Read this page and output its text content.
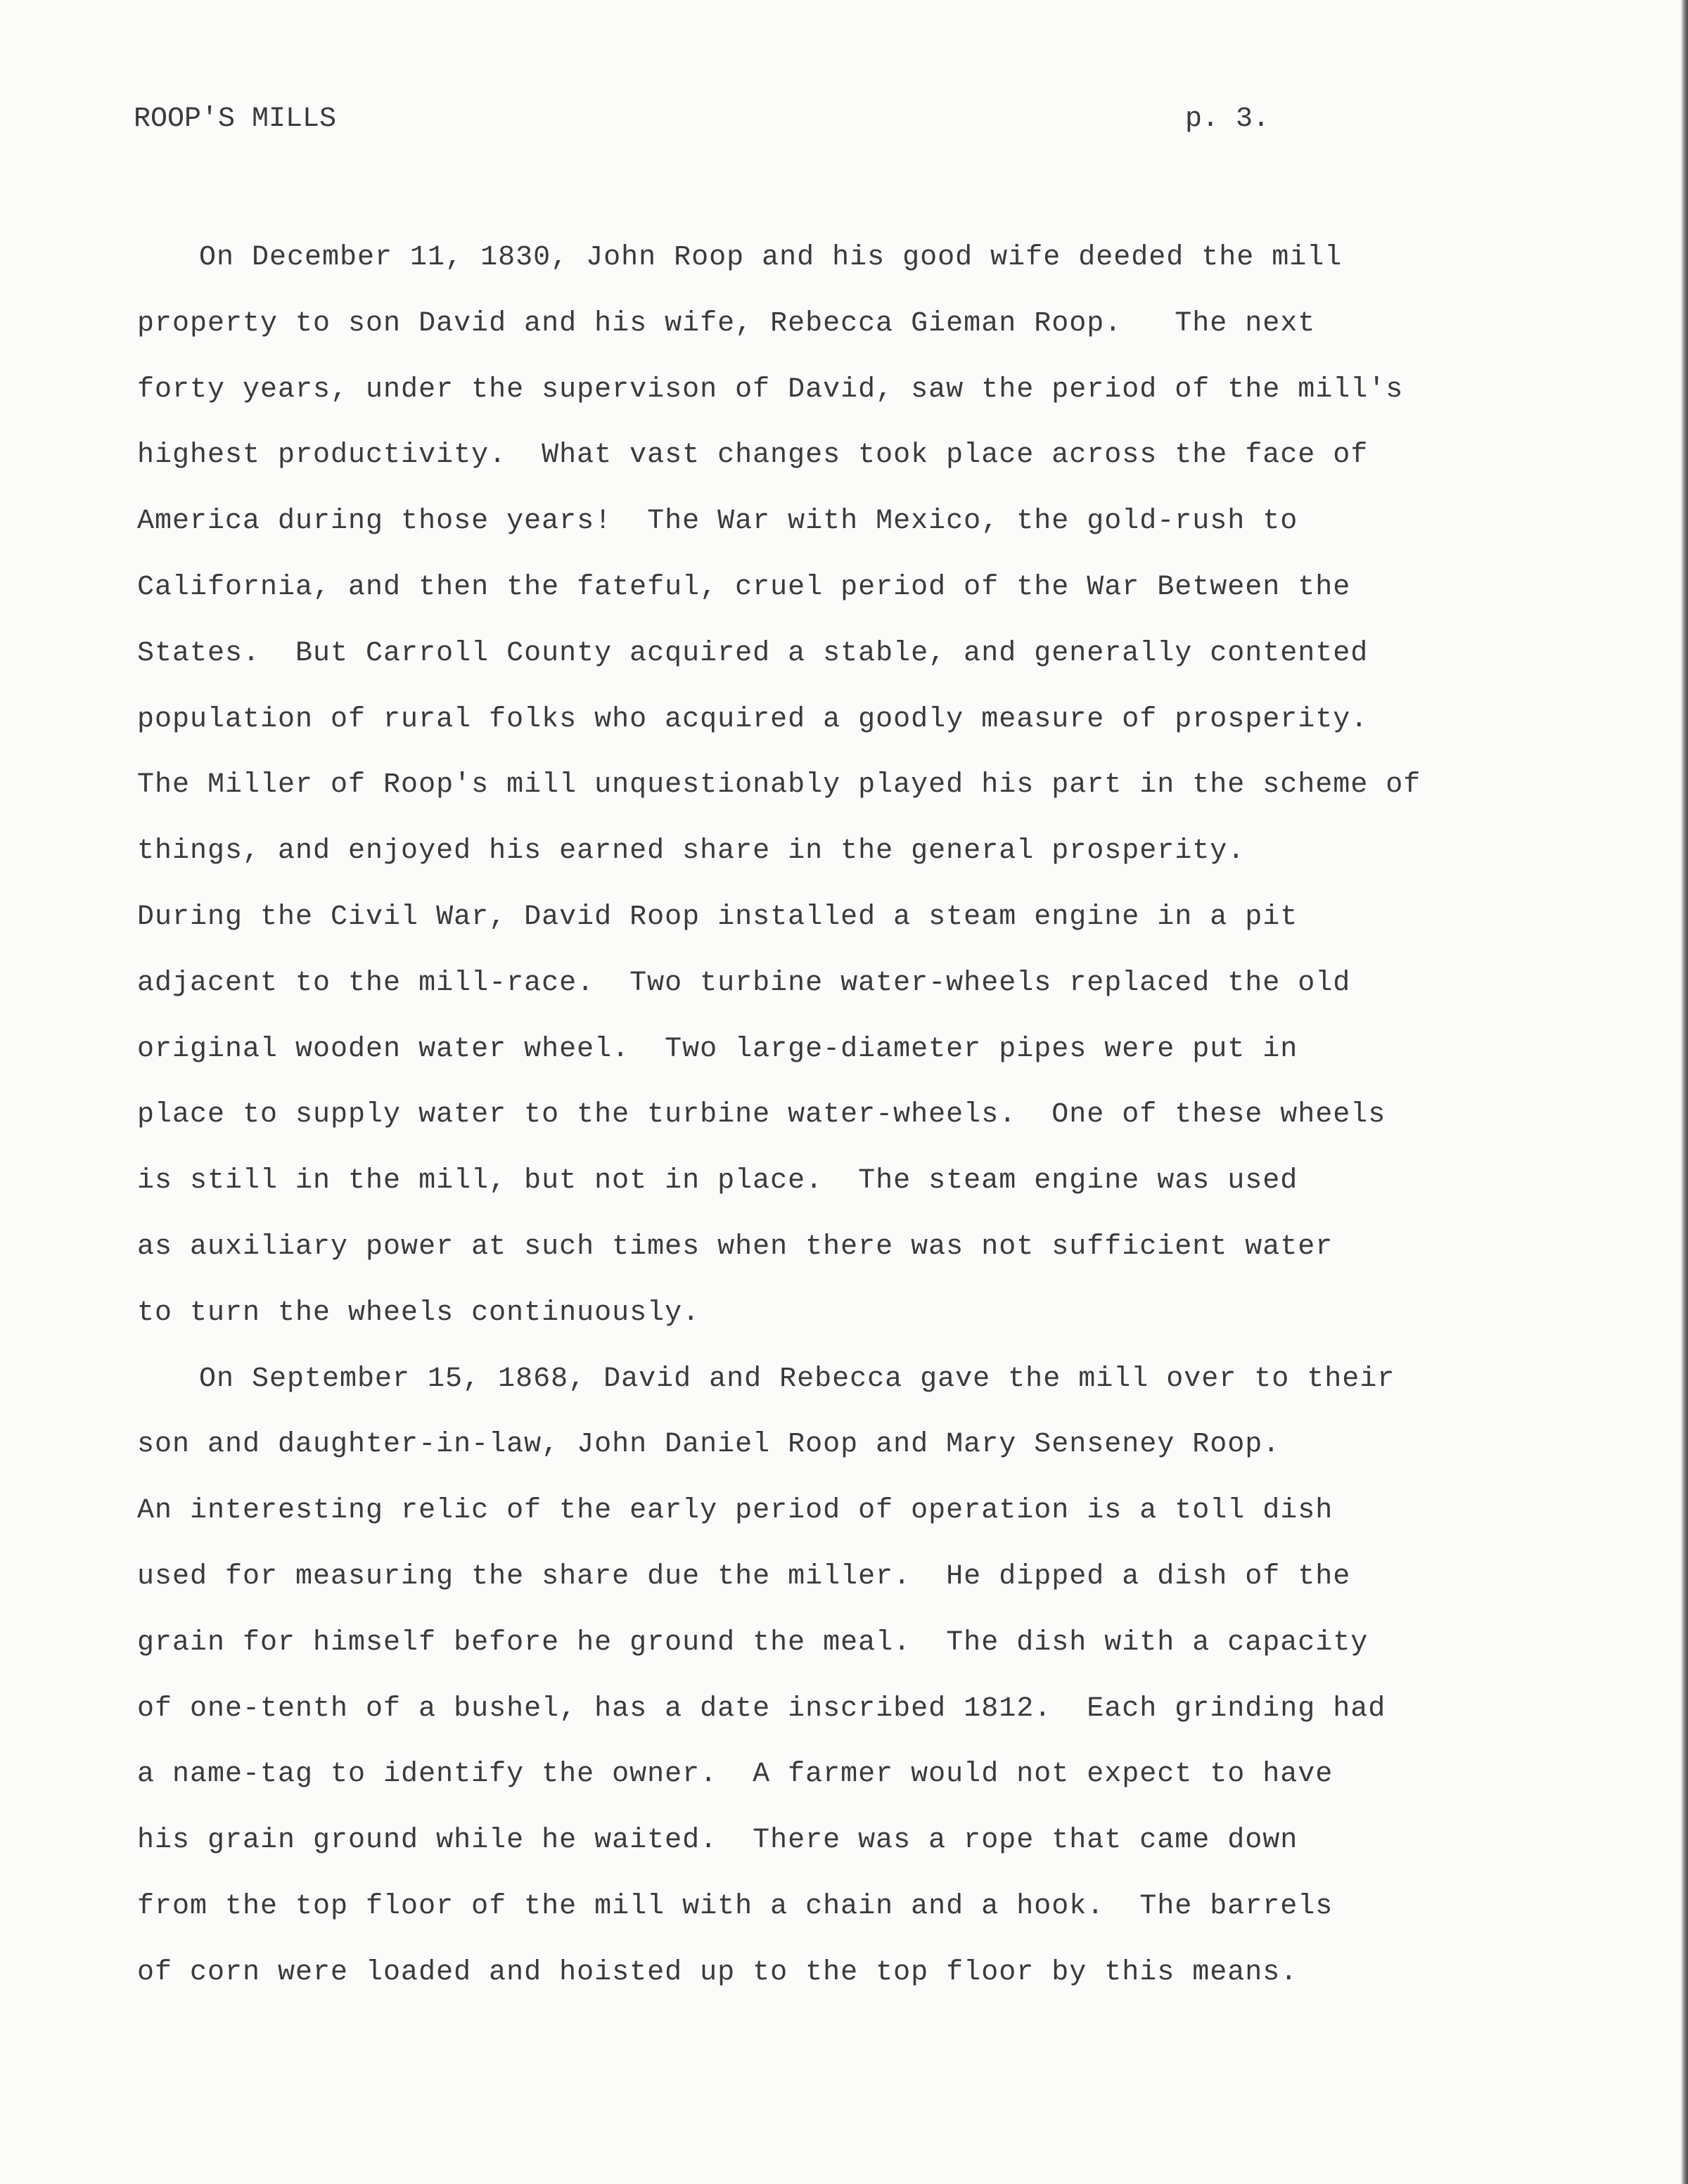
ROOP'S MILLS	p. 3.
On December 11, 1830, John Roop and his good wife deeded the mill
property to son David and his wife, Rebecca Gieman Roop.   The next
forty years, under the supervison of David, saw the period of the mill's
highest productivity.  What vast changes took place across the face of
America during those years!  The War with Mexico, the gold-rush to
California, and then the fateful, cruel period of the War Between the
States.  But Carroll County acquired a stable, and generally contented
population of rural folks who acquired a goodly measure of prosperity.
The Miller of Roop's mill unquestionably played his part in the scheme of
things, and enjoyed his earned share in the general prosperity.
During the Civil War, David Roop installed a steam engine in a pit
adjacent to the mill-race.  Two turbine water-wheels replaced the old
original wooden water wheel.  Two large-diameter pipes were put in
place to supply water to the turbine water-wheels.  One of these wheels
is still in the mill, but not in place.  The steam engine was used
as auxiliary power at such times when there was not sufficient water
to turn the wheels continuously.
On September 15, 1868, David and Rebecca gave the mill over to their
son and daughter-in-law, John Daniel Roop and Mary Senseney Roop.
An interesting relic of the early period of operation is a toll dish
used for measuring the share due the miller.  He dipped a dish of the
grain for himself before he ground the meal.  The dish with a capacity
of one-tenth of a bushel, has a date inscribed 1812.  Each grinding had
a name-tag to identify the owner.  A farmer would not expect to have
his grain ground while he waited.  There was a rope that came down
from the top floor of the mill with a chain and a hook.  The barrels
of corn were loaded and hoisted up to the top floor by this means.
